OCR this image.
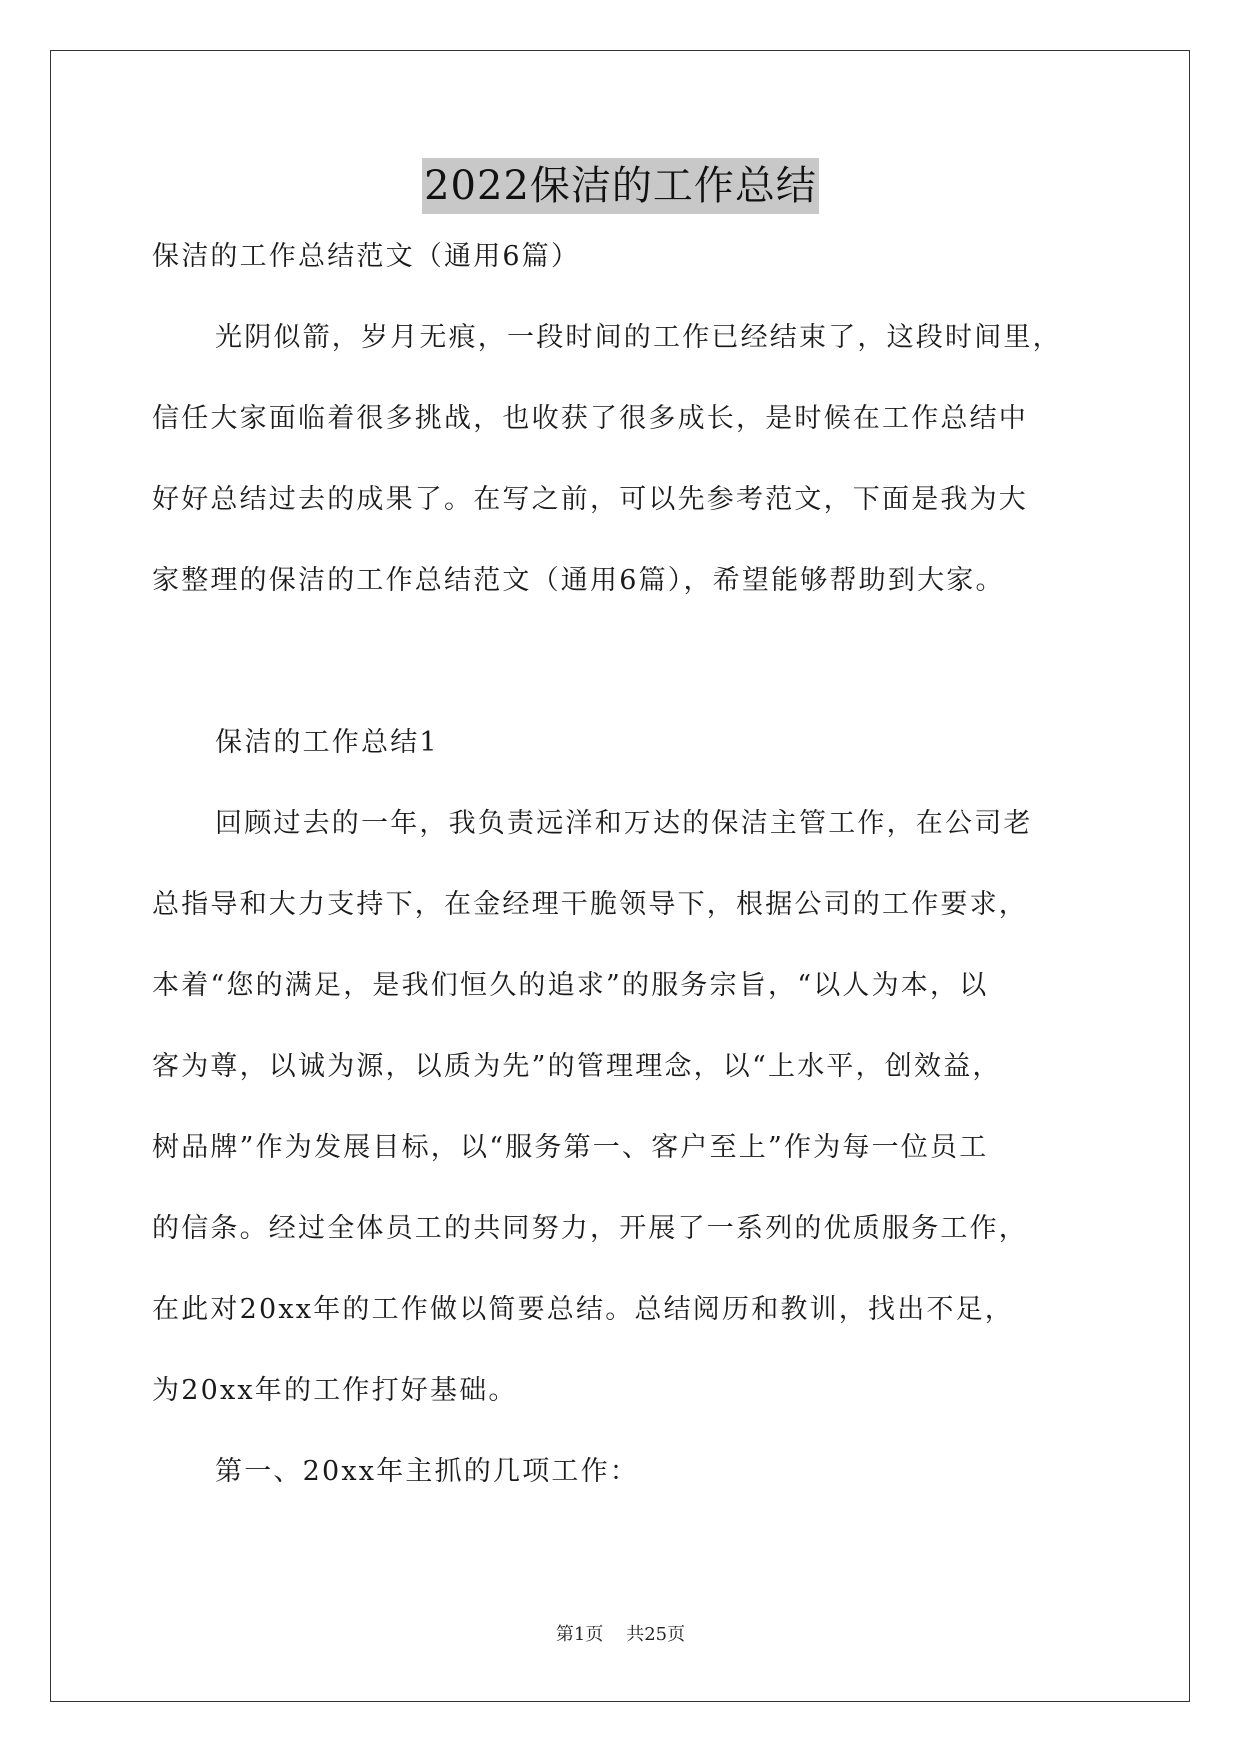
2022保洁的工作总结
保洁的工作总结范文（通用6篇）
光阴似箭，岁月无痕，一段时间的工作已经结束了，这段时间里，
信任大家面临着很多挑战，也收获了很多成长，是时候在工作总结中
好好总结过去的成果了。在写之前，可以先参考范文，下面是我为大
家整理的保洁的工作总结范文（通用6篇），希望能够帮助到大家。
保洁的工作总结1
回顾过去的一年，我负责远洋和万达的保洁主管工作，在公司老
总指导和大力支持下，在金经理干脆领导下，根据公司的工作要求，
本着“您的满足，是我们恒久的追求”的服务宗旨，“以人为本，以
客为尊，以诚为源，以质为先”的管理理念，以“上水平，创效益，
树品牌”作为发展目标，以“服务第一、客户至上”作为每一位员工
的信条。经过全体员工的共同努力，开展了一系列的优质服务工作，
在此对20xx年的工作做以简要总结。总结阅历和教训，找出不足，
为20xx年的工作打好基础。
第一、20xx年主抓的几项工作：
第1页    共25页
